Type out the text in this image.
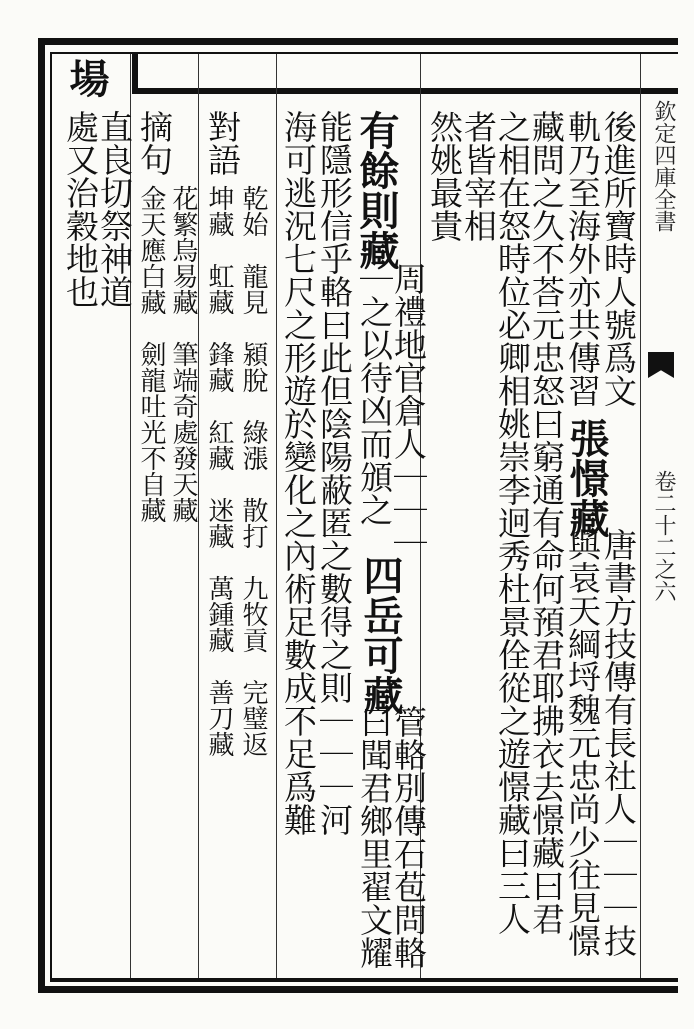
欽定四庫全書
卷二十二之六
場
處又治穀地也
直良切祭神道 摘句
金天應白藏　劍龍吐光不自藏 花繁烏易藏　筆端奇處發天藏
對語
坤藏　虹藏　鋒藏　紅藏　迷藏　萬鍾藏　善刀藏 乾始　龍見　潁脫　綠漲　散打　九牧貢　完璧返 海可逃況七尺之形遊於變化之內術足數成不足爲難
能隱形信乎輅曰此但陰陽蔽匿之數得之則｜｜｜河 有餘則藏
｜之以待凶而頒之
周禮地官倉人｜｜｜
四岳可藏
曰聞君鄉里翟文耀
管輅別傳石苞問輅
然姚最貴
者皆宰相
之相在怒時位必卿相姚崇李迥秀杜景佺從之遊憬藏曰三人
藏問之久不荅元忠怒曰窮通有命何預君耶拂衣去憬藏曰君
軌乃至海外亦共傳習
後進所寶時人號爲文
張憬藏
與袁天綱埒魏元忠尚少往見憬
唐書方技傳有長社人｜｜｜技
